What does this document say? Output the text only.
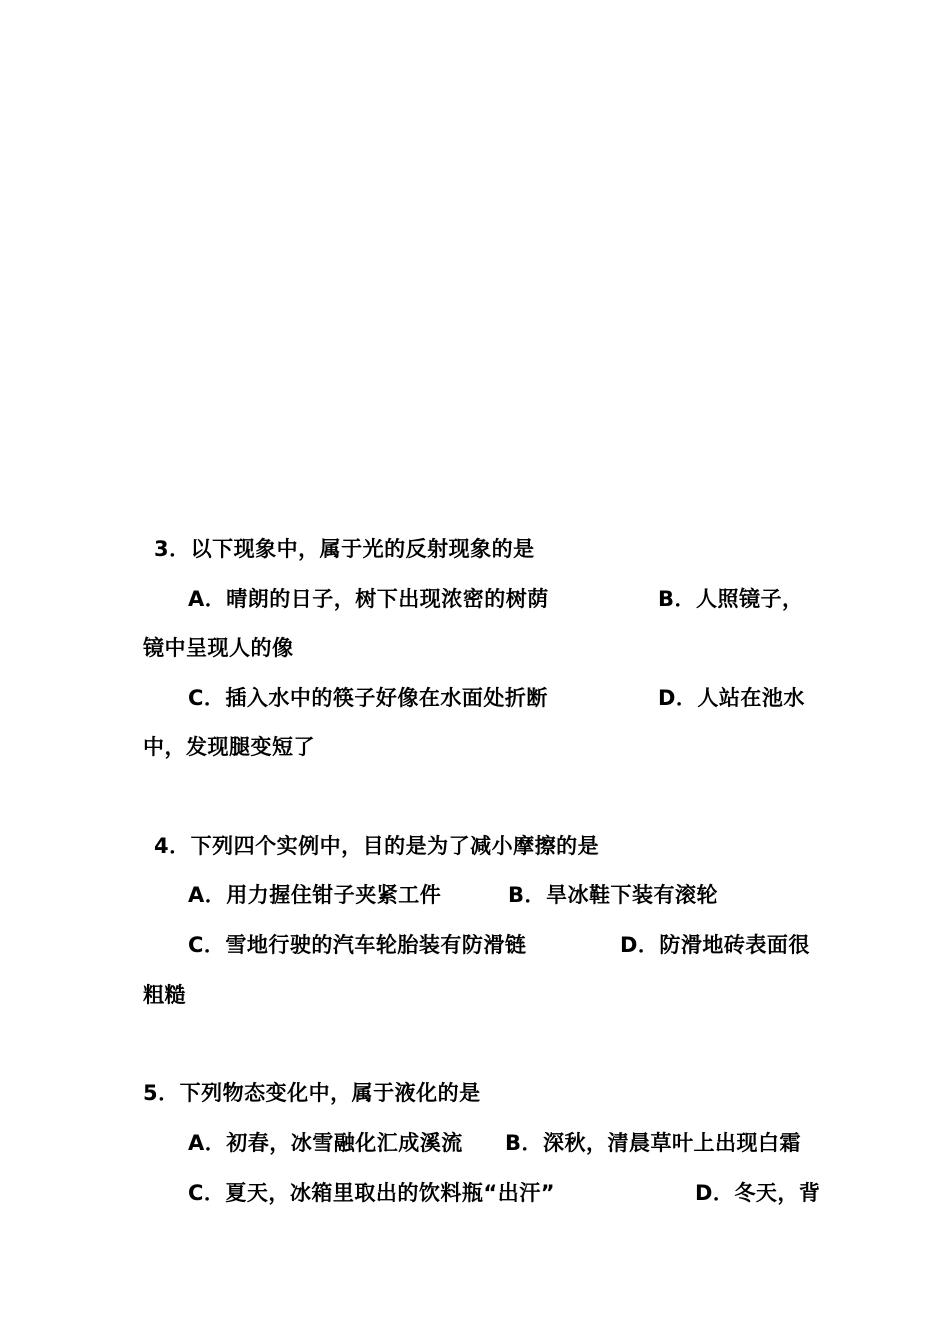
3．以下现象中，属于光的反射现象的是
A．晴朗的日子，树下出现浓密的树荫	B．人照镜子，
镜中呈现人的像
C．插入水中的筷子好像在水面处折断	D．人站在池水
中，发现腿变短了
4．下列四个实例中，目的是为了减小摩擦的是
A．用力握住钳子夹紧工件	B．旱冰鞋下装有滚轮
C．雪地行驶的汽车轮胎装有防滑链	D．防滑地砖表面很
粗糙
5．下列物态变化中，属于液化的是
A．初春，冰雪融化汇成溪流 B．深秋，清晨草叶上出现白霜
C．夏天，冰箱里取出的饮料瓶“出汗”	D．冬天，背
